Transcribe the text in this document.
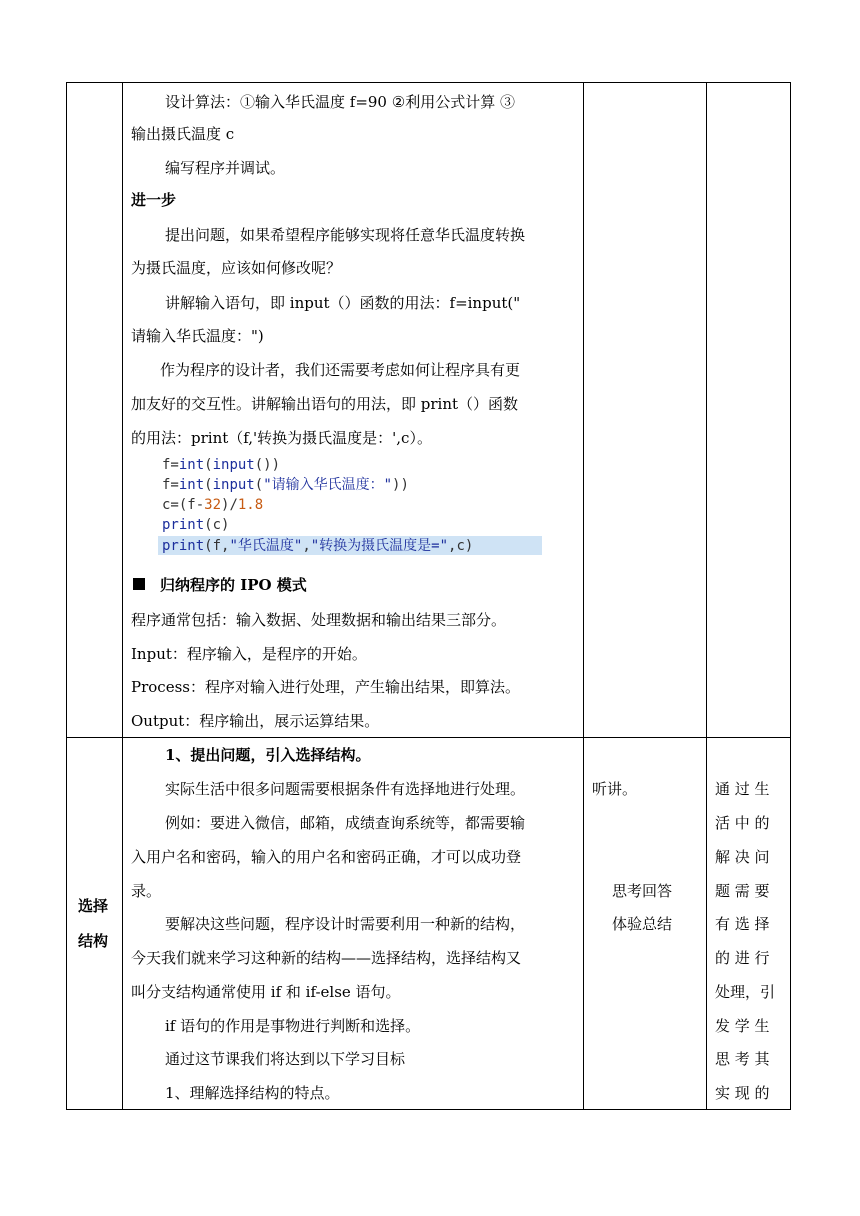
设计算法：①输入华氏温度 f=90 ②利用公式计算 ③
输出摄氏温度 c
编写程序并调试。
进一步
提出问题，如果希望程序能够实现将任意华氏温度转换
为摄氏温度，应该如何修改呢？
讲解输入语句，即 input（）函数的用法：f=input("
请输入华氏温度：")
作为程序的设计者，我们还需要考虑如何让程序具有更
加友好的交互性。讲解输出语句的用法，即 print（）函数
的用法：print（f,'转换为摄氏温度是：',c）。
f=int(input())
f=int(input("请输入华氏温度："))
c=(f-32)/1.8
print(c)
print(f,"华氏温度","转换为摄氏温度是=",c)
归纳程序的 IPO 模式
程序通常包括：输入数据、处理数据和输出结果三部分。
Input：程序输入，是程序的开始。
Process：程序对输入进行处理，产生输出结果，即算法。
Output：程序输出，展示运算结果。
选择
结构
1、提出问题，引入选择结构。
实际生活中很多问题需要根据条件有选择地进行处理。
例如：要进入微信，邮箱，成绩查询系统等，都需要输
入用户名和密码，输入的用户名和密码正确，才可以成功登
录。
要解决这些问题，程序设计时需要利用一种新的结构，
今天我们就来学习这种新的结构——选择结构，选择结构又
叫分支结构通常使用 if 和 if-else 语句。
if 语句的作用是事物进行判断和选择。
通过这节课我们将达到以下学习目标
1、理解选择结构的特点。
听讲。
思考回答
体验总结
通 过 生
活 中 的
解 决 问
题 需 要
有 选 择
的 进 行
处理，引
发 学 生
思 考 其
实 现 的
